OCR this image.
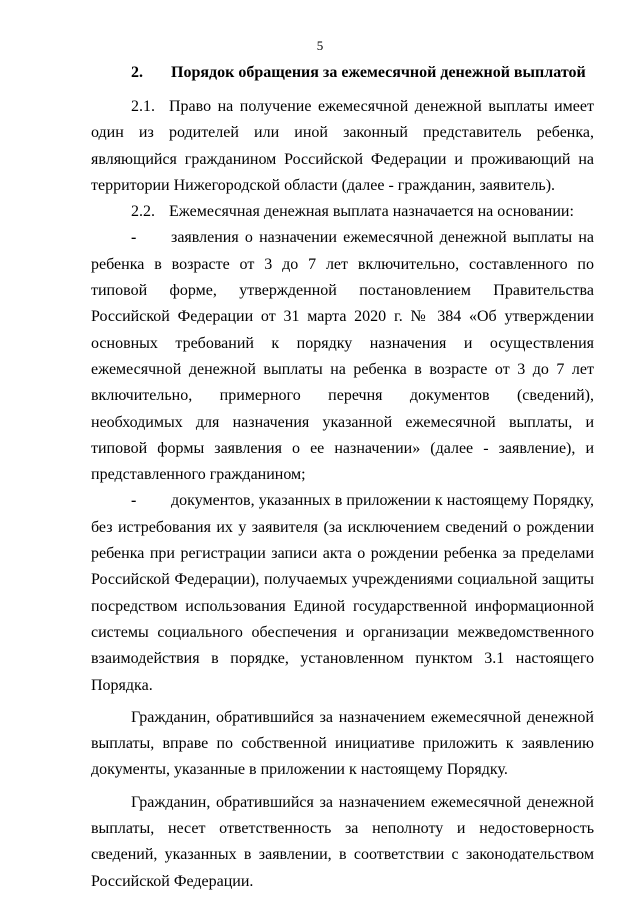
5
2.	Порядок обращения за ежемесячной денежной выплатой

2.1. Право на получение ежемесячной денежной выплаты имеет один из родителей или иной законный представитель ребенка, являющийся гражданином Российской Федерации и проживающий на территории Нижегородской области (далее - гражданин, заявитель).

2.2. Ежемесячная денежная выплата назначается на основании:

- заявления о назначении ежемесячной денежной выплаты на ребенка в возрасте от 3 до 7 лет включительно, составленного по типовой форме, утвержденной постановлением Правительства Российской Федерации от 31 марта 2020 г. № 384 «Об утверждении основных требований к порядку назначения и осуществления ежемесячной денежной выплаты на ребенка в возрасте от 3 до 7 лет включительно, примерного перечня документов (сведений), необходимых для назначения указанной ежемесячной выплаты, и типовой формы заявления о ее назначении» (далее - заявление), и представленного гражданином;

- документов, указанных в приложении к настоящему Порядку, без истребования их у заявителя (за исключением сведений о рождении ребенка при регистрации записи акта о рождении ребенка за пределами Российской Федерации), получаемых учреждениями социальной защиты посредством использования Единой государственной информационной системы социального обеспечения и организации межведомственного взаимодействия в порядке, установленном пунктом 3.1 настоящего Порядка.

Гражданин, обратившийся за назначением ежемесячной денежной выплаты, вправе по собственной инициативе приложить к заявлению документы, указанные в приложении к настоящему Порядку.

Гражданин, обратившийся за назначением ежемесячной денежной выплаты, несет ответственность за неполноту и недостоверность сведений, указанных в заявлении, в соответствии с законодательством Российской Федерации.
